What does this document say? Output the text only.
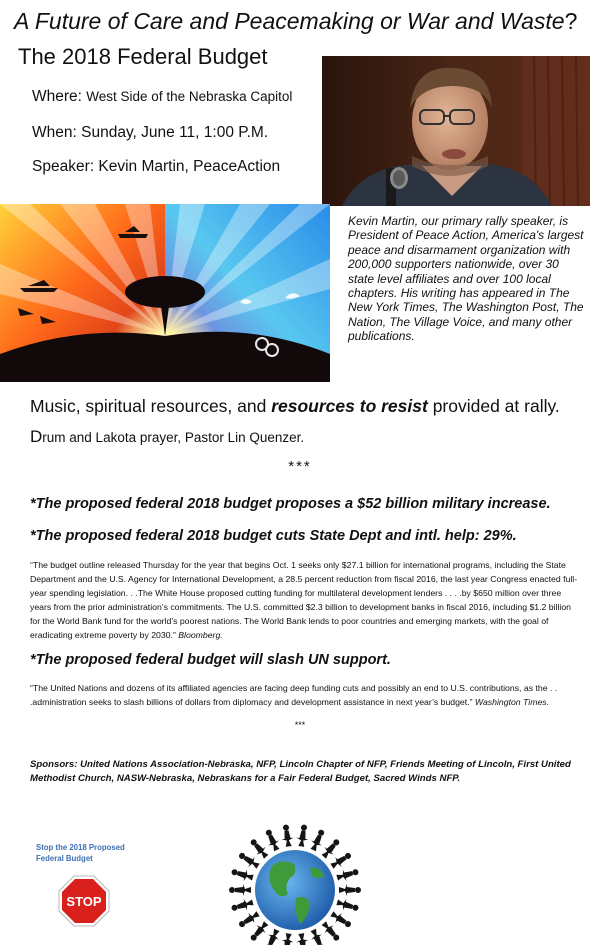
A Future of Care and Peacemaking or War and Waste?
The 2018 Federal Budget
Where: West Side of the Nebraska Capitol
When: Sunday, June 11, 1:00 P.M.
Speaker: Kevin Martin, PeaceAction
Kevin Martin, our primary rally speaker, is President of Peace Action, America's largest peace and disarmament organization with 200,000 supporters nationwide, over 30 state level affiliates and over 100 local chapters. His writing has appeared in The New York Times, The Washington Post, The Nation, The Village Voice, and many other publications.
Music, spiritual resources, and resources to resist provided at rally.
Drum and Lakota prayer, Pastor Lin Quenzer.
***
*The proposed federal 2018 budget proposes a $52 billion military increase.
*The proposed federal 2018 budget cuts State Dept and intl. help: 29%.
“The budget outline released Thursday for the year that begins Oct. 1 seeks only $27.1 billion for international programs, including the State Department and the U.S. Agency for International Development, a 28.5 percent reduction from fiscal 2016, the last year Congress enacted full-year spending legislation. . .The White House proposed cutting funding for multilateral development lenders . . . .by $650 million over three years from the prior administration’s commitments. The U.S. committed $2.3 billion to development banks in fiscal 2016, including $1.2 billion for the World Bank fund for the world’s poorest nations. The World Bank lends to poor countries and emerging markets, with the goal of eradicating extreme poverty by 2030.” Bloomberg.
*The proposed federal budget will slash UN support.
“The United Nations and dozens of its affiliated agencies are facing deep funding cuts and possibly an end to U.S. contributions, as the . . .administration seeks to slash billions of dollars from diplomacy and development assistance in next year’s budget.” Washington Times.
***
Sponsors: United Nations Association-Nebraska, NFP, Lincoln Chapter of NFP, Friends Meeting of Lincoln, First United Methodist Church, NASW-Nebraska, Nebraskans for a Fair Federal Budget, Sacred Winds NFP.
Stop the 2018 Proposed
Federal Budget
STOP
